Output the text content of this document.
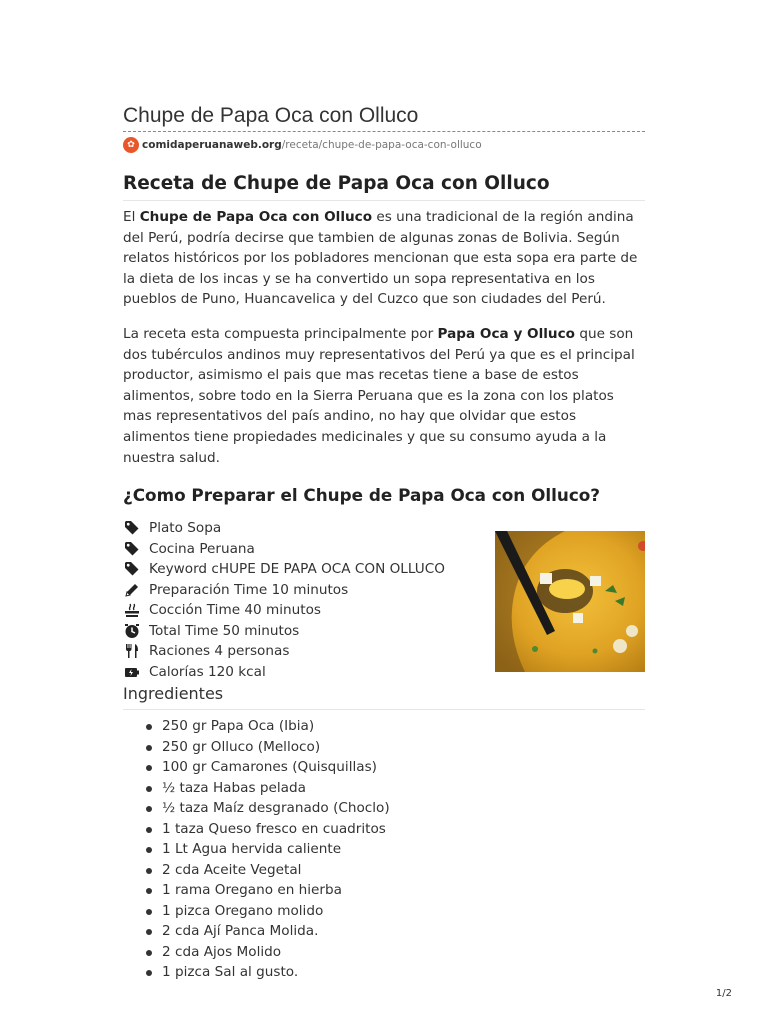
Chupe de Papa Oca con Olluco
✿ comidaperuanaweb.org /receta/chupe-de-papa-oca-con-olluco
Receta de Chupe de Papa Oca con Olluco

El Chupe de Papa Oca con Olluco es una tradicional de la región andina del Perú, podría decirse que tambien de algunas zonas de Bolivia. Según relatos históricos por los pobladores mencionan que esta sopa era parte de la dieta de los incas y se ha convertido un sopa representativa en los pueblos de Puno, Huancavelica y del Cuzco que son ciudades del Perú.

La receta esta compuesta principalmente por Papa Oca y Olluco que son dos tubérculos andinos muy representativos del Perú ya que es el principal productor, asimismo el pais que mas recetas tiene a base de estos alimentos, sobre todo en la Sierra Peruana que es la zona con los platos mas representativos del país andino, no hay que olvidar que estos alimentos tiene propiedades medicinales y que su consumo ayuda a la nuestra salud.

¿Como Preparar el Chupe de Papa Oca con Olluco?
Plato Sopa
Cocina Peruana
Keyword cHUPE DE PAPA OCA CON OLLUCO
Preparación Time 10 minutos
Cocción Time 40 minutos
Total Time 50 minutos
Raciones 4 personas
Calorías 120 kcal
Ingredientes
250 gr Papa Oca (Ibia)
250 gr Olluco (Melloco)
100 gr Camarones (Quisquillas)
½ taza Habas pelada
½ taza Maíz desgranado (Choclo)
1 taza Queso fresco en cuadritos
1 Lt Agua hervida caliente
2 cda Aceite Vegetal
1 rama Oregano en hierba
1 pizca Oregano molido
2 cda Ají Panca Molida.
2 cda Ajos Molido
1 pizca Sal al gusto.
1/2
